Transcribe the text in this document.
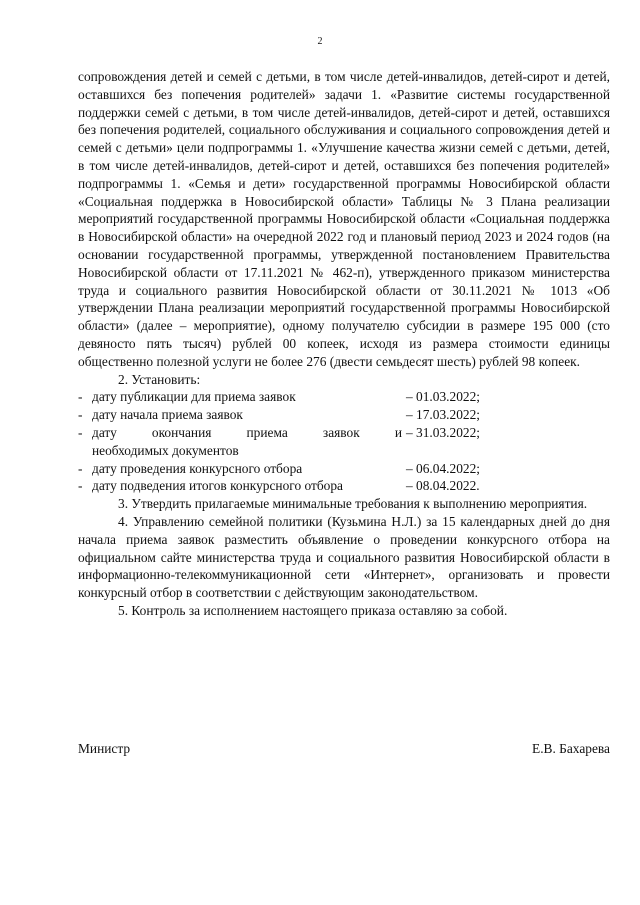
2

сопровождения детей и семей с детьми, в том числе детей-инвалидов, детей-сирот и детей, оставшихся без попечения родителей» задачи 1. «Развитие системы государственной поддержки семей с детьми, в том числе детей-инвалидов, детей-сирот и детей, оставшихся без попечения родителей, социального обслуживания и социального сопровождения детей и семей с детьми» цели подпрограммы 1. «Улучшение качества жизни семей с детьми, детей, в том числе детей-инвалидов, детей-сирот и детей, оставшихся без попечения родителей» подпрограммы 1. «Семья и дети» государственной программы Новосибирской области «Социальная поддержка в Новосибирской области» Таблицы № 3 Плана реализации мероприятий государственной программы Новосибирской области «Социальная поддержка в Новосибирской области» на очередной 2022 год и плановый период 2023 и 2024 годов (на основании государственной программы, утвержденной постановлением Правительства Новосибирской области от 17.11.2021 № 462-п), утвержденного приказом министерства труда и социального развития Новосибирской области от 30.11.2021 № 1013 «Об утверждении Плана реализации мероприятий государственной программы Новосибирской области» (далее – мероприятие), одному получателю субсидии в размере 195 000 (сто девяносто пять тысяч) рублей 00 копеек, исходя из размера стоимости единицы общественно полезной услуги не более 276 (двести семьдесят шесть) рублей 98 копеек.

2. Установить:

- дату публикации для приема заявок	– 01.03.2022;
- дату начала приема заявок	– 17.03.2022;
- дату окончания приема заявок и – 31.03.2022;
необходимых документов
- дату проведения конкурсного отбора	– 06.04.2022;
- дату подведения итогов конкурсного отбора	– 08.04.2022.

3. Утвердить прилагаемые минимальные требования к выполнению мероприятия.

4. Управлению семейной политики (Кузьмина Н.Л.) за 15 календарных дней до дня начала приема заявок разместить объявление о проведении конкурсного отбора на официальном сайте министерства труда и социального развития Новосибирской области в информационно-телекоммуникационной сети «Интернет», организовать и провести конкурсный отбор в соответствии с действующим законодательством.

5. Контроль за исполнением настоящего приказа оставляю за собой.

Министр	Е.В. Бахарева
